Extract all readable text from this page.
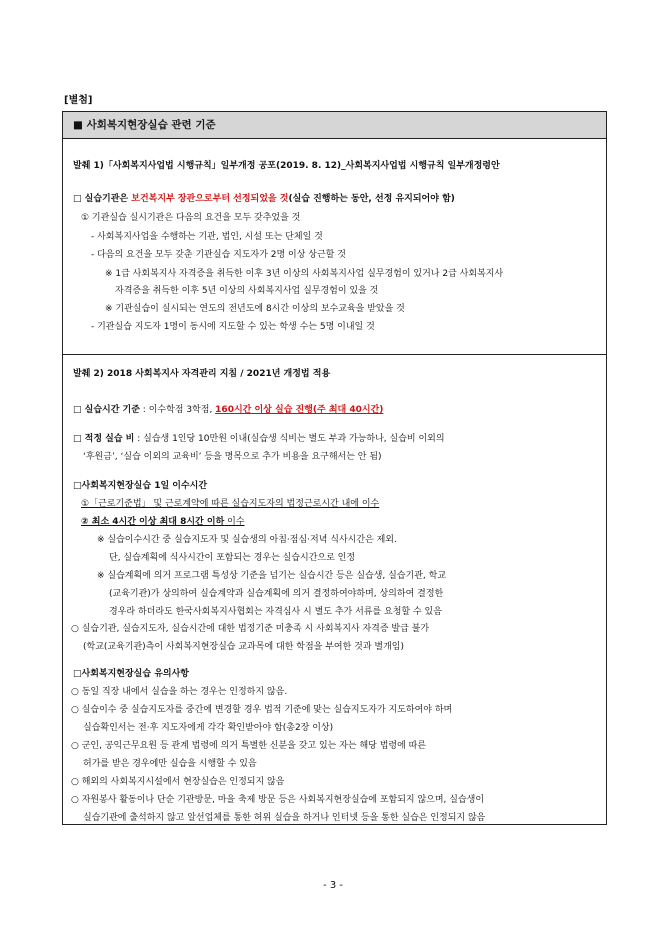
[별첨]
■ 사회복지현장실습 관련 기준
발췌 1)「사회복지사업법 시행규칙」일부개정 공포(2019. 8. 12)_사회복지사업법 시행규칙 일부개정령안
□ 실습기관은 보건복지부 장관으로부터 선정되었을 것(실습 진행하는 동안, 선정 유지되어야 함)
① 기관실습 실시기관은 다음의 요건을 모두 갖추었을 것
- 사회복지사업을 수행하는 기관, 법인, 시설 또는 단체일 것
- 다음의 요건을 모두 갖춘 기관실습 지도자가 2명 이상 상근할 것
※ 1급 사회복지사 자격증을 취득한 이후 3년 이상의 사회복지사업 실무경험이 있거나 2급 사회복지사
자격증을 취득한 이후 5년 이상의 사회복지사업 실무경험이 있을 것
※ 기관실습이 실시되는 연도의 전년도에 8시간 이상의 보수교육을 받았을 것
- 기관실습 지도자 1명이 동시에 지도할 수 있는 학생 수는 5명 이내일 것
발췌 2) 2018 사회복지사 자격관리 지침 / 2021년 개정법 적용
□ 실습시간 기준 : 이수학점 3학점, 160시간 이상 실습 진행(주 최대 40시간)
□ 적정 실습 비 : 실습생 1인당 10만원 이내(실습생 식비는 별도 부과 가능하나, 실습비 이외의
‘후원금’, ‘실습 이외의 교육비’ 등을 명목으로 추가 비용을 요구해서는 안 됨)
□사회복지현장실습 1일 이수시간
①「근로기준법」 및 근로계약에 따른 실습지도자의 법정근로시간 내에 이수
② 최소 4시간 이상 최대 8시간 이하 이수
※ 실습이수시간 중 실습지도자 및 실습생의 아침·점심·저녁 식사시간은 제외.
단, 실습계획에 식사시간이 포함되는 경우는 실습시간으로 인정
※ 실습계획에 의거 프로그램 특성상 기준을 넘기는 실습시간 등은 실습생, 실습기관, 학교
(교육기관)가 상의하여 실습계약과 실습계획에 의거 결정하여야하며, 상의하여 결정한
경우라 하더라도 한국사회복지사협회는 자격심사 시 별도 추가 서류를 요청할 수 있음
○ 실습기관, 실습지도자, 실습시간에 대한 법정기준 미충족 시 사회복지사 자격증 발급 불가
(학교(교육기관)측이 사회복지현장실습 교과목에 대한 학점을 부여한 것과 별개임)
□사회복지현장실습 유의사항
○ 동일 직장 내에서 실습을 하는 경우는 인정하지 않음.
○ 실습이수 중 실습지도자를 중간에 변경할 경우 법적 기준에 맞는 실습지도자가 지도하여야 하며
실습확인서는 전·후 지도자에게 각각 확인받아야 함(총2장 이상)
○ 군인, 공익근무요원 등 관계 법령에 의거 특별한 신분을 갖고 있는 자는 해당 법령에 따른
허가를 받은 경우에만 실습을 시행할 수 있음
○ 해외의 사회복지시설에서 현장실습은 인정되지 않음
○ 자원봉사 활동이나 단순 기관방문, 마을 축제 방문 등은 사회복지현장실습에 포함되지 않으며, 실습생이
실습기관에 출석하지 않고 알선업체를 통한 허위 실습을 하거나 인터넷 등을 통한 실습은 인정되지 않음
- 3 -
